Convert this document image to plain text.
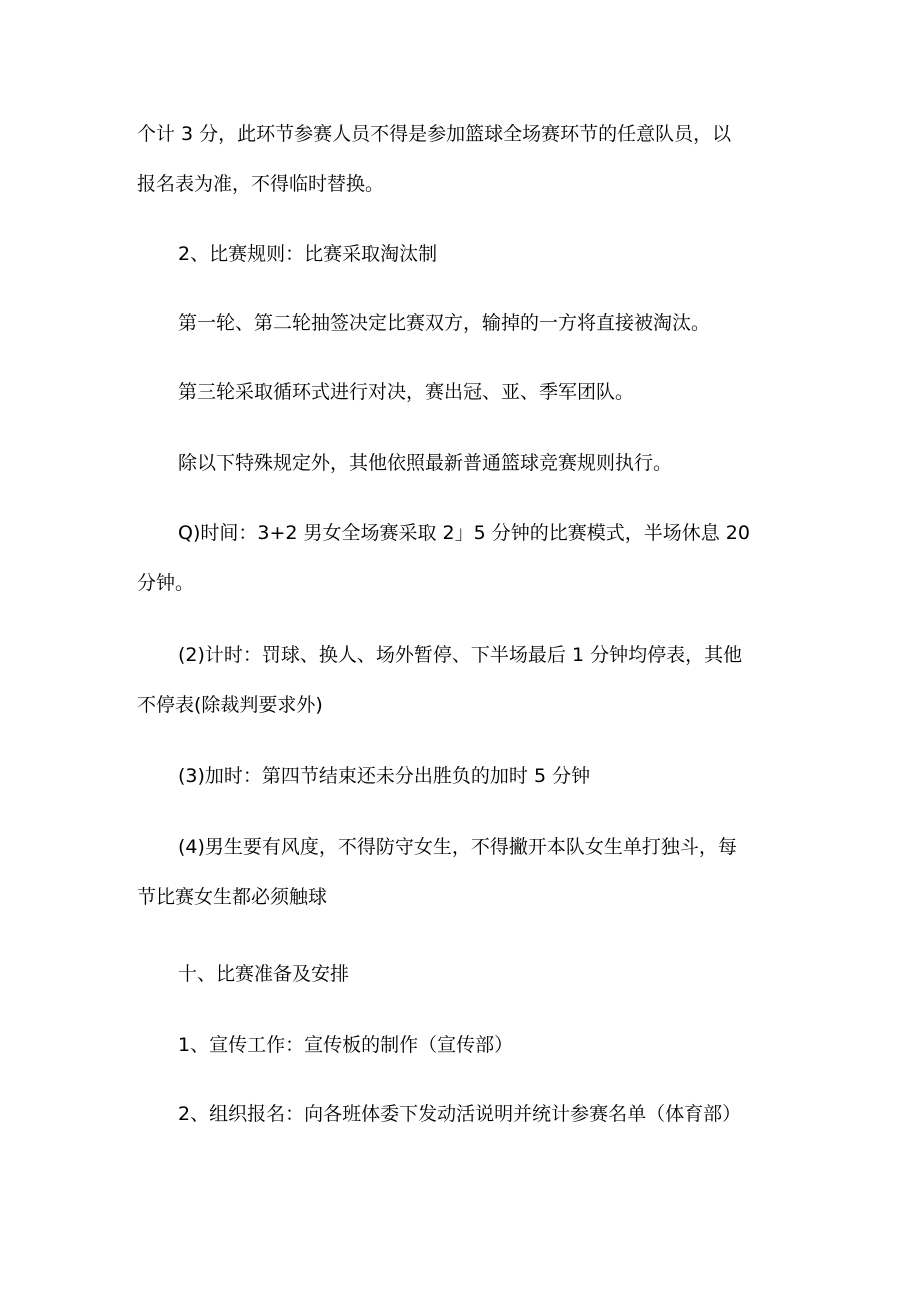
个计 3 分，此环节参赛人员不得是参加篮球全场赛环节的任意队员，以
报名表为准，不得临时替换。
2、比赛规则：比赛采取淘汰制
第一轮、第二轮抽签决定比赛双方，输掉的一方将直接被淘汰。
第三轮采取循环式进行对决，赛出冠、亚、季军团队。
除以下特殊规定外，其他依照最新普通篮球竞赛规则执行。
Q)时间：3+2 男女全场赛采取 2」5 分钟的比赛模式，半场休息 20
分钟。
(2)计时：罚球、换人、场外暂停、下半场最后 1 分钟均停表，其他
不停表(除裁判要求外)
(3)加时：第四节结束还未分出胜负的加时 5 分钟
(4)男生要有风度，不得防守女生，不得撇开本队女生单打独斗，每
节比赛女生都必须触球
十、比赛准备及安排
1、宣传工作：宣传板的制作（宣传部）
2、组织报名：向各班体委下发动活说明并统计参赛名单（体育部）
